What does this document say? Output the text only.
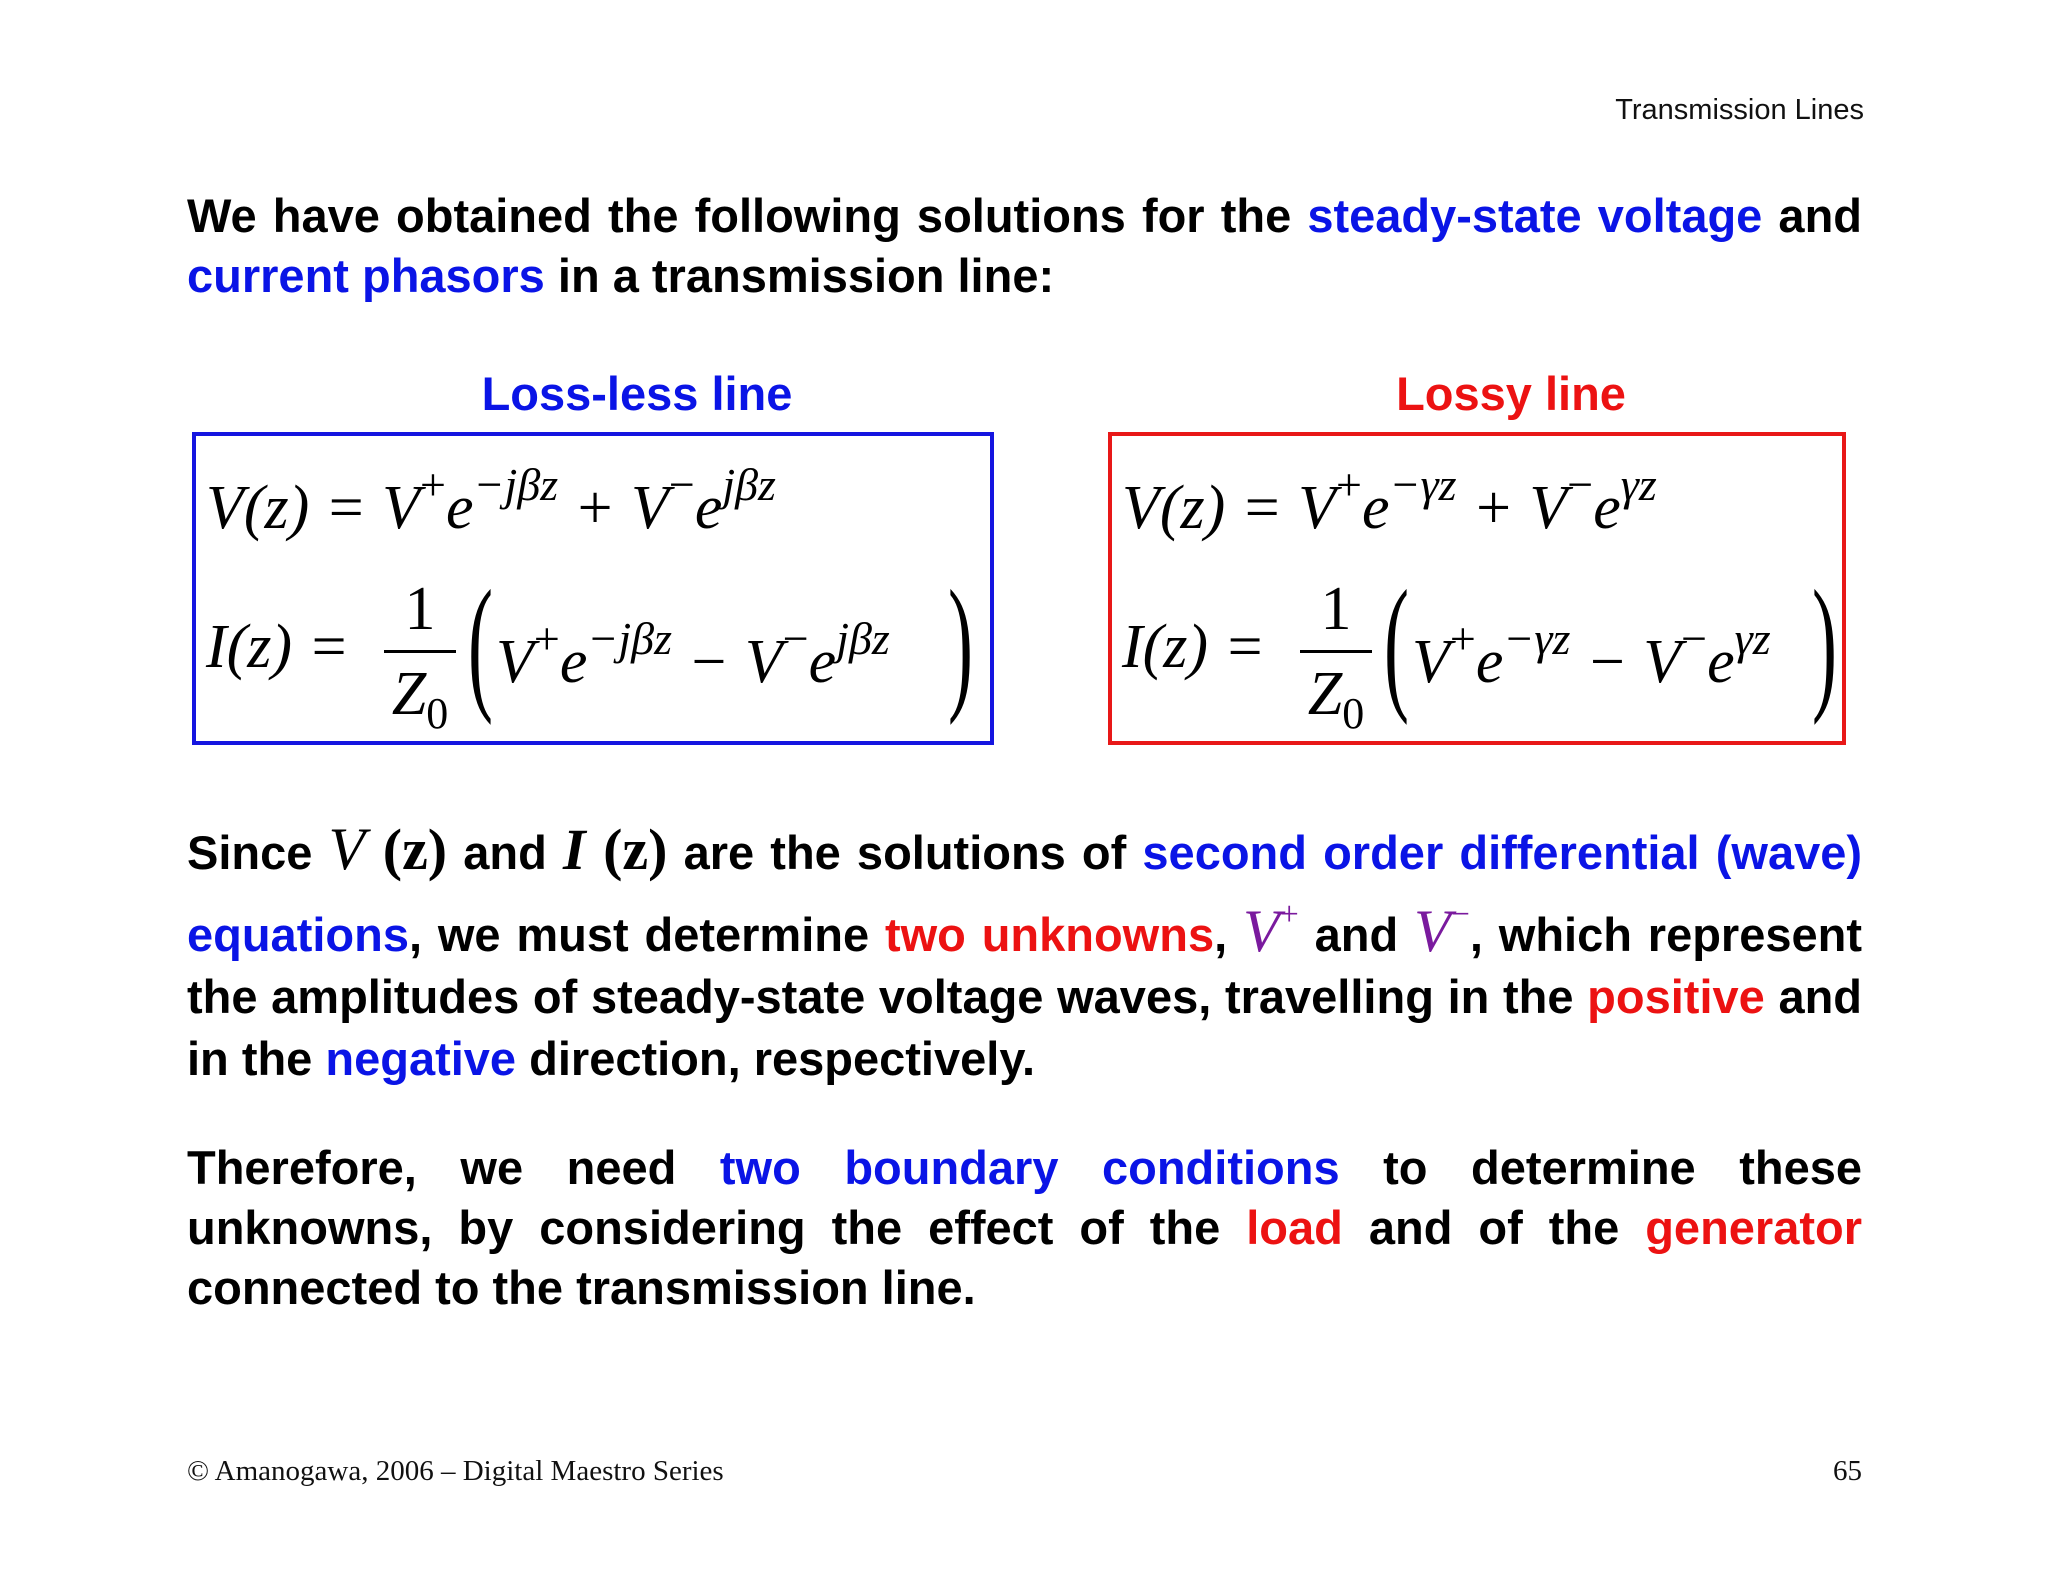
Transmission Lines
We have obtained the following solutions for the steady-state voltage and current phasors in a transmission line:
Loss-less line	Lossy line
$V(z) = V^+e^{-j\beta z} + V^-e^{j\beta z}$
I(z) =
1
$Z_0$ ( $V^+e^{-j\beta z} - V^-e^{j\beta z}$ )
$V(z) = V^+e^{-\gamma z} + V^-e^{\gamma z}$
I(z) =
1
$Z_0$ ( $V^+e^{-\gamma z} - V^-e^{\gamma z}$ )
Since V (z) and I (z) are the solutions of second order differential (wave) equations, we must determine two unknowns, V+ and V−, which represent the amplitudes of steady-state voltage waves, travelling in the positive and in the negative direction, respectively.
Therefore, we need two boundary conditions to determine these unknowns, by considering the effect of the load and of the generator connected to the transmission line.
© Amanogawa, 2006 – Digital Maestro Series	65
